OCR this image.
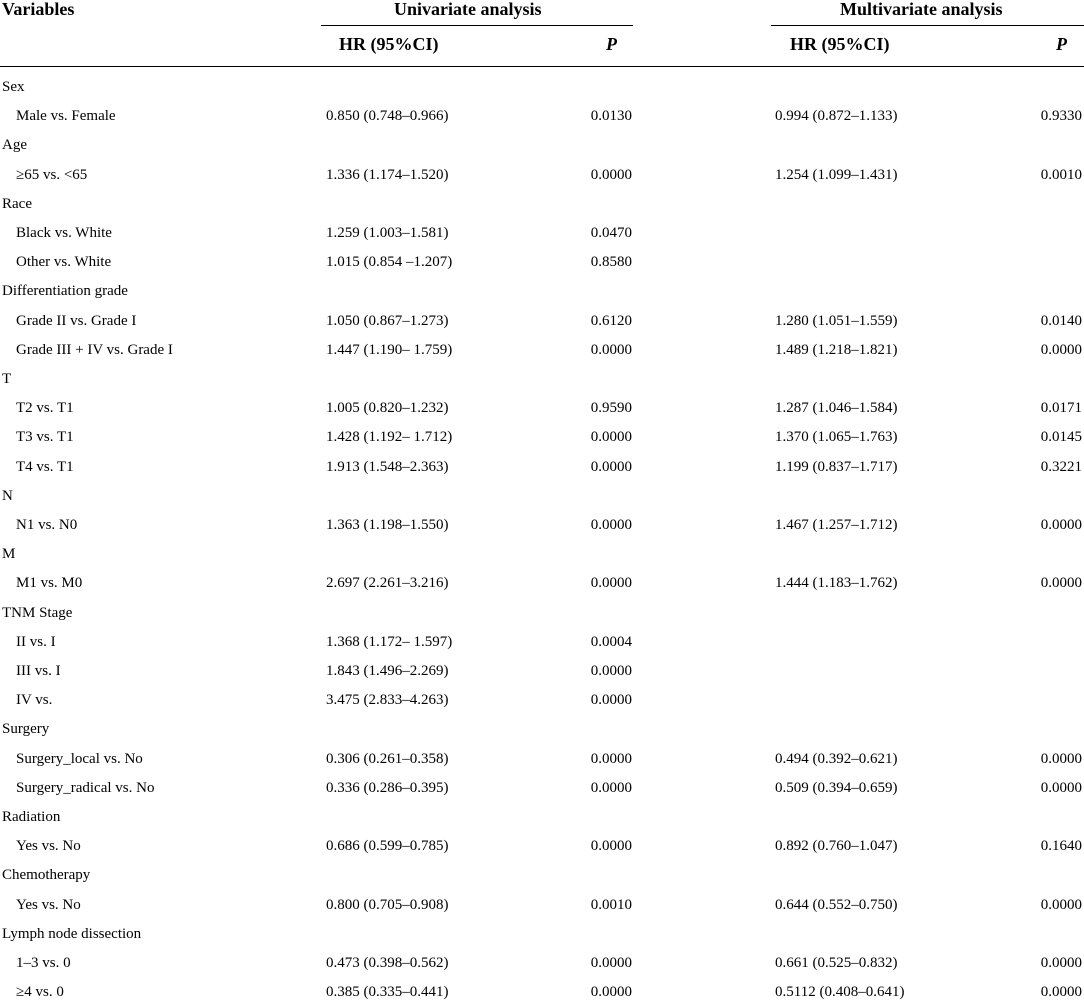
Variables	Univariate analysis	Multivariate analysis
HR (95%CI)	P	HR (95%CI)	P
Sex
Male vs. Female	0.850 (0.748–0.966)	0.0130	0.994 (0.872–1.133)	0.9330
Age
≥65 vs. <65	1.336 (1.174–1.520)	0.0000	1.254 (1.099–1.431)	0.0010
Race
Black vs. White	1.259 (1.003–1.581)	0.0470
Other vs. White	1.015 (0.854 –1.207)	0.8580
Differentiation grade
Grade II vs. Grade I	1.050 (0.867–1.273)	0.6120	1.280 (1.051–1.559)	0.0140
Grade III + IV vs. Grade I	1.447 (1.190– 1.759)	0.0000	1.489 (1.218–1.821)	0.0000
T
T2 vs. T1	1.005 (0.820–1.232)	0.9590	1.287 (1.046–1.584)	0.0171
T3 vs. T1	1.428 (1.192– 1.712)	0.0000	1.370 (1.065–1.763)	0.0145
T4 vs. T1	1.913 (1.548–2.363)	0.0000	1.199 (0.837–1.717)	0.3221
N
N1 vs. N0	1.363 (1.198–1.550)	0.0000	1.467 (1.257–1.712)	0.0000
M
M1 vs. M0	2.697 (2.261–3.216)	0.0000	1.444 (1.183–1.762)	0.0000
TNM Stage
II vs. I	1.368 (1.172– 1.597)	0.0004
III vs. I	1.843 (1.496–2.269)	0.0000
IV vs.	3.475 (2.833–4.263)	0.0000
Surgery
Surgery_local vs. No	0.306 (0.261–0.358)	0.0000	0.494 (0.392–0.621)	0.0000
Surgery_radical vs. No	0.336 (0.286–0.395)	0.0000	0.509 (0.394–0.659)	0.0000
Radiation
Yes vs. No	0.686 (0.599–0.785)	0.0000	0.892 (0.760–1.047)	0.1640
Chemotherapy
Yes vs. No	0.800 (0.705–0.908)	0.0010	0.644 (0.552–0.750)	0.0000
Lymph node dissection
1–3 vs. 0	0.473 (0.398–0.562)	0.0000	0.661 (0.525–0.832)	0.0000
≥4 vs. 0	0.385 (0.335–0.441)	0.0000	0.5112 (0.408–0.641)	0.0000
